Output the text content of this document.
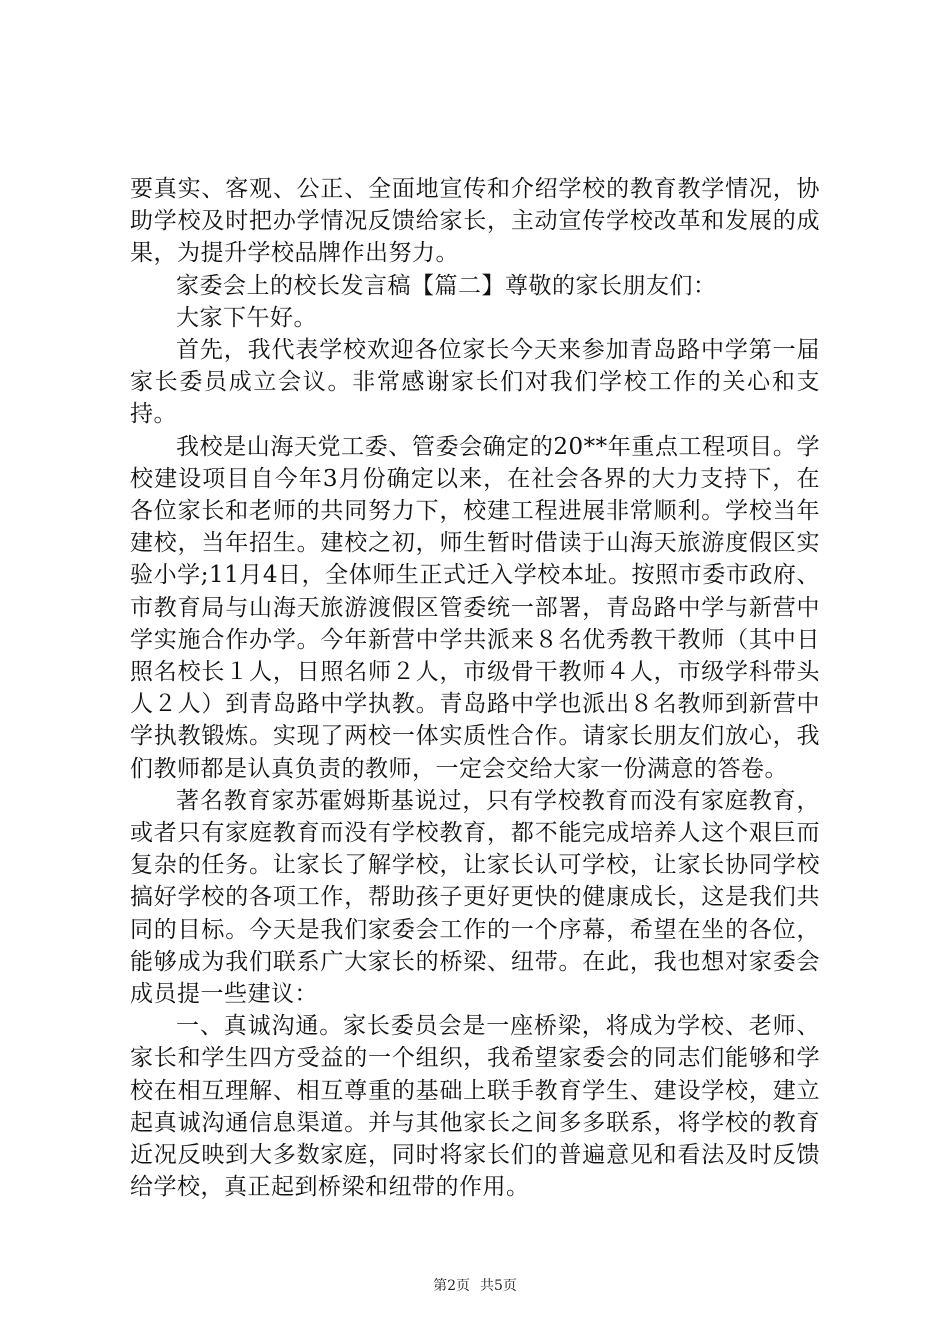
要真实、客观、公正、全面地宣传和介绍学校的教育教学情况，协助学校及时把办学情况反馈给家长，主动宣传学校改革和发展的成果，为提升学校品牌作出努力。

家委会上的校长发言稿【篇二】尊敬的家长朋友们：

大家下午好。

首先，我代表学校欢迎各位家长今天来参加青岛路中学第一届家长委员成立会议。非常感谢家长们对我们学校工作的关心和支持。

我校是山海天党工委、管委会确定的20**年重点工程项目。学校建设项目自今年3月份确定以来，在社会各界的大力支持下，在各位家长和老师的共同努力下，校建工程进展非常顺利。学校当年建校，当年招生。建校之初，师生暂时借读于山海天旅游度假区实验小学;11月4日，全体师生正式迁入学校本址。按照市委市政府、市教育局与山海天旅游渡假区管委统一部署，青岛路中学与新营中学实施合作办学。今年新营中学共派来８名优秀教干教师（其中日照名校长１人，日照名师２人，市级骨干教师４人，市级学科带头人２人）到青岛路中学执教。青岛路中学也派出８名教师到新营中学执教锻炼。实现了两校一体实质性合作。请家长朋友们放心，我们教师都是认真负责的教师，一定会交给大家一份满意的答卷。

著名教育家苏霍姆斯基说过，只有学校教育而没有家庭教育，或者只有家庭教育而没有学校教育，都不能完成培养人这个艰巨而复杂的任务。让家长了解学校，让家长认可学校，让家长协同学校搞好学校的各项工作，帮助孩子更好更快的健康成长，这是我们共同的目标。今天是我们家委会工作的一个序幕，希望在坐的各位，能够成为我们联系广大家长的桥梁、纽带。在此，我也想对家委会成员提一些建议：

一、真诚沟通。家长委员会是一座桥梁，将成为学校、老师、家长和学生四方受益的一个组织，我希望家委会的同志们能够和学校在相互理解、相互尊重的基础上联手教育学生、建设学校，建立起真诚沟通信息渠道。并与其他家长之间多多联系，将学校的教育近况反映到大多数家庭，同时将家长们的普遍意见和看法及时反馈给学校，真正起到桥梁和纽带的作用。

第2页 共5页
